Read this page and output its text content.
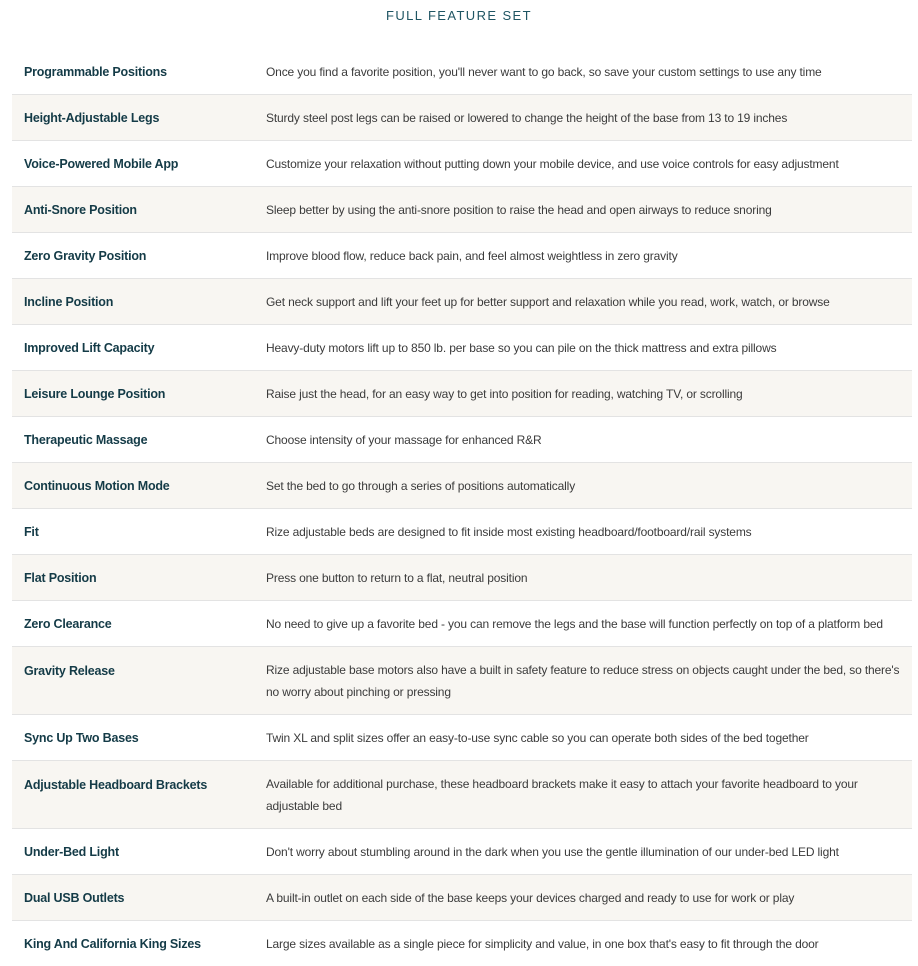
FULL FEATURE SET
Programmable Positions	Once you find a favorite position, you'll never want to go back, so save your custom settings to use any time
Height-Adjustable Legs	Sturdy steel post legs can be raised or lowered to change the height of the base from 13 to 19 inches
Voice-Powered Mobile App	Customize your relaxation without putting down your mobile device, and use voice controls for easy adjustment
Anti-Snore Position	Sleep better by using the anti-snore position to raise the head and open airways to reduce snoring
Zero Gravity Position	Improve blood flow, reduce back pain, and feel almost weightless in zero gravity
Incline Position	Get neck support and lift your feet up for better support and relaxation while you read, work, watch, or browse
Improved Lift Capacity	Heavy-duty motors lift up to 850 lb. per base so you can pile on the thick mattress and extra pillows
Leisure Lounge Position	Raise just the head, for an easy way to get into position for reading, watching TV, or scrolling
Therapeutic Massage	Choose intensity of your massage for enhanced R&R
Continuous Motion Mode	Set the bed to go through a series of positions automatically
Fit	Rize adjustable beds are designed to fit inside most existing headboard/footboard/rail systems
Flat Position	Press one button to return to a flat, neutral position
Zero Clearance	No need to give up a favorite bed - you can remove the legs and the base will function perfectly on top of a platform bed
Gravity Release	Rize adjustable base motors also have a built in safety feature to reduce stress on objects caught under the bed, so there's no worry about pinching or pressing
Sync Up Two Bases	Twin XL and split sizes offer an easy-to-use sync cable so you can operate both sides of the bed together
Adjustable Headboard Brackets	Available for additional purchase, these headboard brackets make it easy to attach your favorite headboard to your adjustable bed
Under-Bed Light	Don't worry about stumbling around in the dark when you use the gentle illumination of our under-bed LED light
Dual USB Outlets	A built-in outlet on each side of the base keeps your devices charged and ready to use for work or play
King And California King Sizes	Large sizes available as a single piece for simplicity and value, in one box that's easy to fit through the door
